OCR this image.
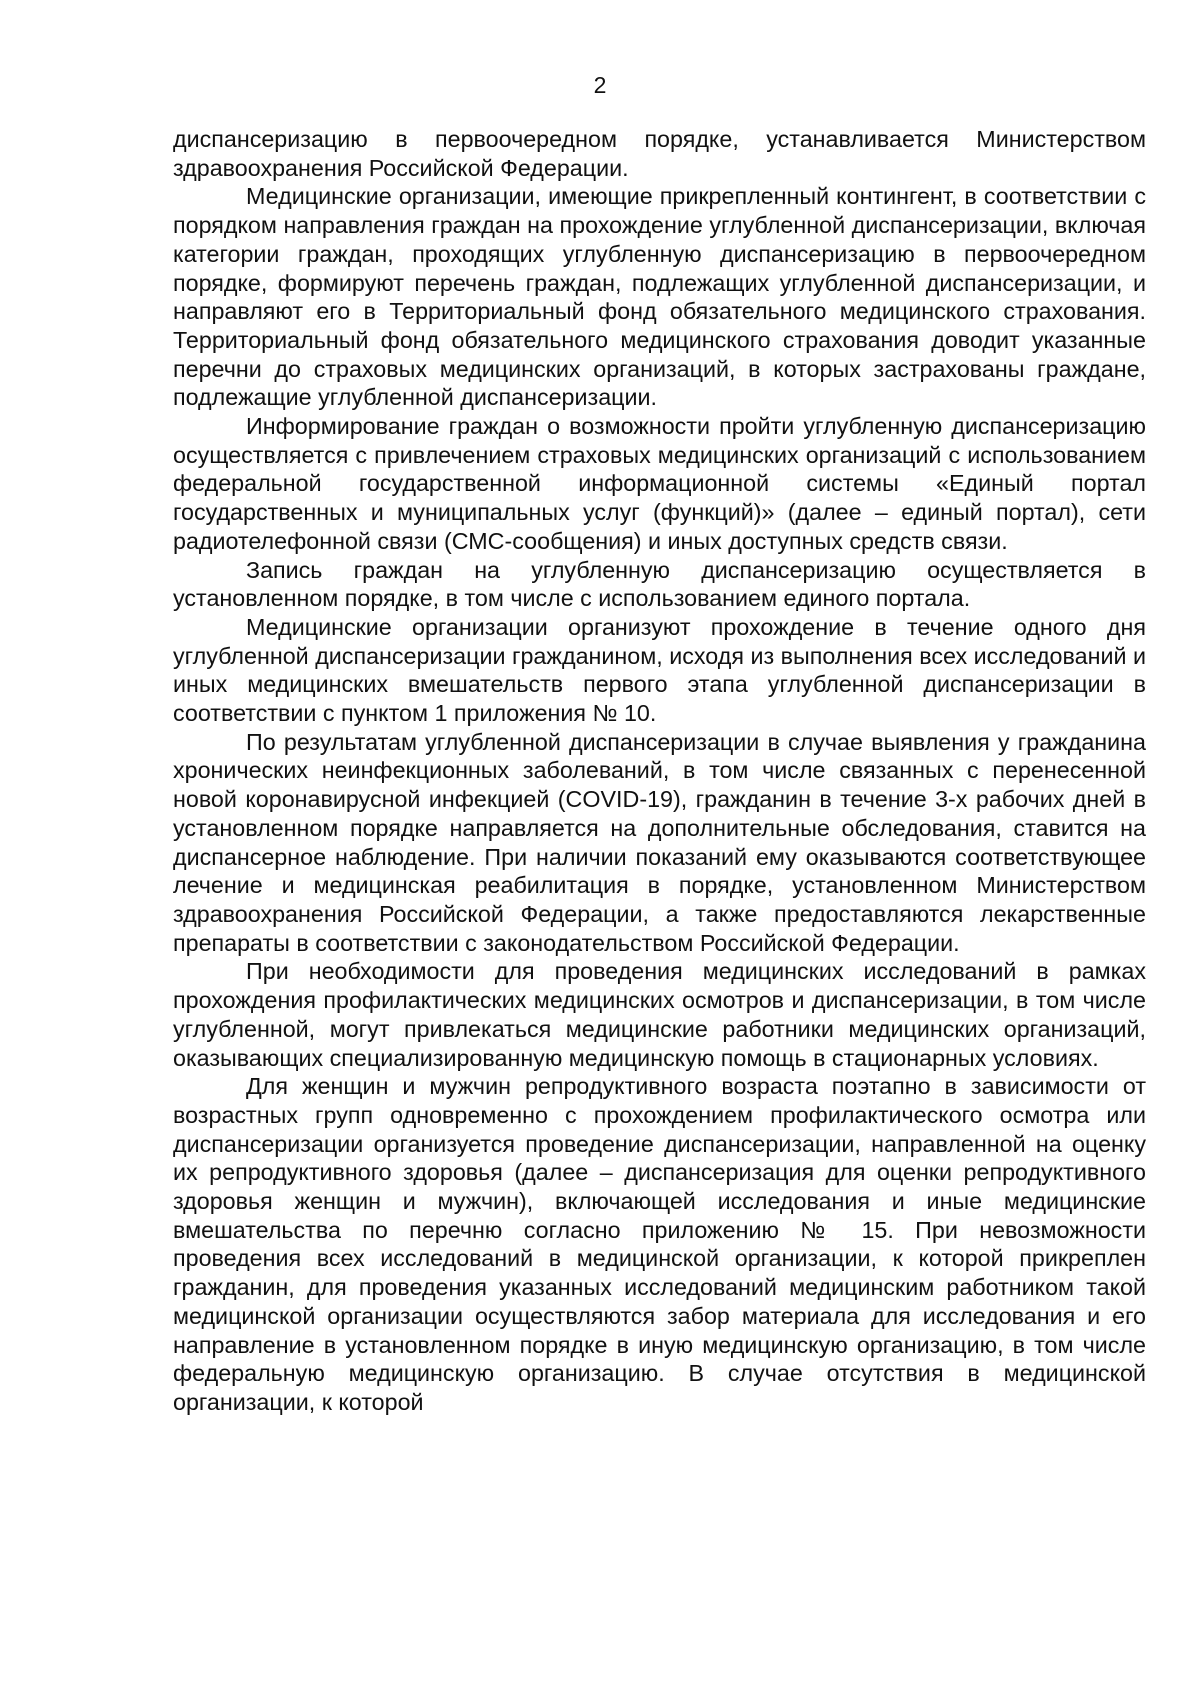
2

диспансеризацию в первоочередном порядке, устанавливается Министерством здравоохранения Российской Федерации.

Медицинские организации, имеющие прикрепленный контингент, в соответствии с порядком направления граждан на прохождение углубленной диспансеризации, включая категории граждан, проходящих углубленную диспансеризацию в первоочередном порядке, формируют перечень граждан, подлежащих углубленной диспансеризации, и направляют его в Территориальный фонд обязательного медицинского страхования. Территориальный фонд обязательного медицинского страхования доводит указанные перечни до страховых медицинских организаций, в которых застрахованы граждане, подлежащие углубленной диспансеризации.

Информирование граждан о возможности пройти углубленную диспансеризацию осуществляется с привлечением страховых медицинских организаций с использованием федеральной государственной информационной системы «Единый портал государственных и муниципальных услуг (функций)» (далее – единый портал), сети радиотелефонной связи (СМС-сообщения) и иных доступных средств связи.

Запись граждан на углубленную диспансеризацию осуществляется в установленном порядке, в том числе с использованием единого портала.

Медицинские организации организуют прохождение в течение одного дня углубленной диспансеризации гражданином, исходя из выполнения всех исследований и иных медицинских вмешательств первого этапа углубленной диспансеризации в соответствии с пунктом 1 приложения № 10.

По результатам углубленной диспансеризации в случае выявления у гражданина хронических неинфекционных заболеваний, в том числе связанных с перенесенной новой коронавирусной инфекцией (COVID-19), гражданин в течение 3-х рабочих дней в установленном порядке направляется на дополнительные обследования, ставится на диспансерное наблюдение. При наличии показаний ему оказываются соответствующее лечение и медицинская реабилитация в порядке, установленном Министерством здравоохранения Российской Федерации, а также предоставляются лекарственные препараты в соответствии с законодательством Российской Федерации.

При необходимости для проведения медицинских исследований в рамках прохождения профилактических медицинских осмотров и диспансеризации, в том числе углубленной, могут привлекаться медицинские работники медицинских организаций, оказывающих специализированную медицинскую помощь в стационарных условиях.

Для женщин и мужчин репродуктивного возраста поэтапно в зависимости от возрастных групп одновременно с прохождением профилактического осмотра или диспансеризации организуется проведение диспансеризации, направленной на оценку их репродуктивного здоровья (далее – диспансеризация для оценки репродуктивного здоровья женщин и мужчин), включающей исследования и иные медицинские вмешательства по перечню согласно приложению № 15. При невозможности проведения всех исследований в медицинской организации, к которой прикреплен гражданин, для проведения указанных исследований медицинским работником такой медицинской организации осуществляются забор материала для исследования и его направление в установленном порядке в иную медицинскую организацию, в том числе федеральную медицинскую организацию. В случае отсутствия в медицинской организации, к которой
